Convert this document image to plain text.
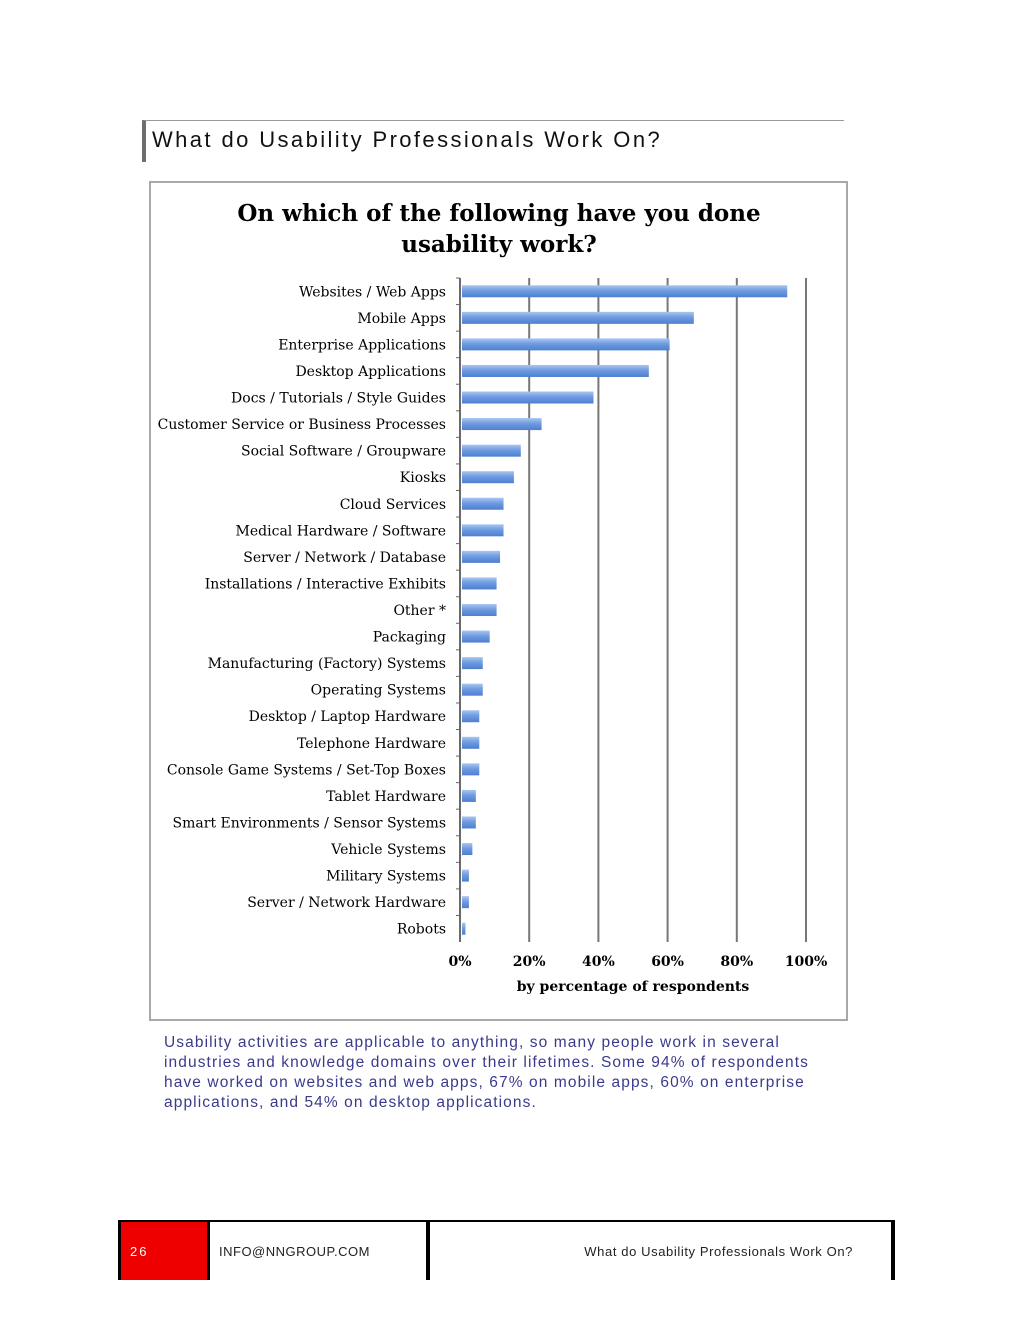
What do Usability Professionals Work On?
On which of the following have you done
usability work?
0%	20%	40%	60%	80% 100%
Websites / Web Apps
Mobile Apps
Enterprise Applications
Desktop Applications
Docs / Tutorials / Style Guides
Customer Service or Business Processes
Social Software / Groupware
Kiosks
Cloud Services
Medical Hardware / Software
Server / Network / Database
Installations / Interactive Exhibits
Other *
Packaging
Manufacturing (Factory) Systems
Operating Systems
Desktop / Laptop Hardware
Telephone Hardware
Console Game Systems / Set-Top Boxes
Tablet Hardware
Smart Environments / Sensor Systems
Vehicle Systems
Military Systems
Server / Network Hardware
Robots
by percentage of respondents

Usability activities are applicable to anything, so many people work in several industries and knowledge domains over their lifetimes. Some 94% of respondents have worked on websites and web apps, 67% on mobile apps, 60% on enterprise applications, and 54% on desktop applications.

26	INFO@NNGROUP.COM	What do Usability Professionals Work On?
